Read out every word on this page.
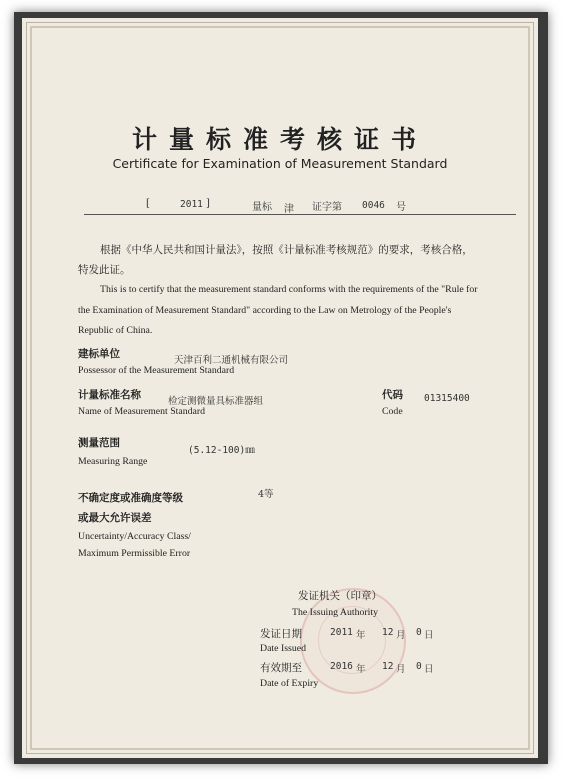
计量标准考核证书
Certificate for Examination of Measurement Standard
[	2011 ]	量标 津 证字第 0046 号
根据《中华人民共和国计量法》，按照《计量标准考核规范》的要求，考核合格，特发此证。
This is to certify that the measurement standard conforms with the requirements of the "Rule for the Examination of Measurement Standard" according to the Law on Metrology of the People's Republic of China.
建标单位
天津百利二通机械有限公司
Possessor of the Measurement Standard
计量标准名称
检定测微量具标准器组
Name of Measurement Standard
代码 01315400
Code
测量范围
(5.12-100)㎜
Measuring Range
不确定度或准确度等级	4等
或最大允许误差
Uncertainty/Accuracy Class/
Maximum Permissible Error
发证机关（印章）
The Issuing Authority
发证日期	2011 年 12 月 0 日
Date Issued
有效期至	2016 年 12 月 0 日
Date of Expiry
